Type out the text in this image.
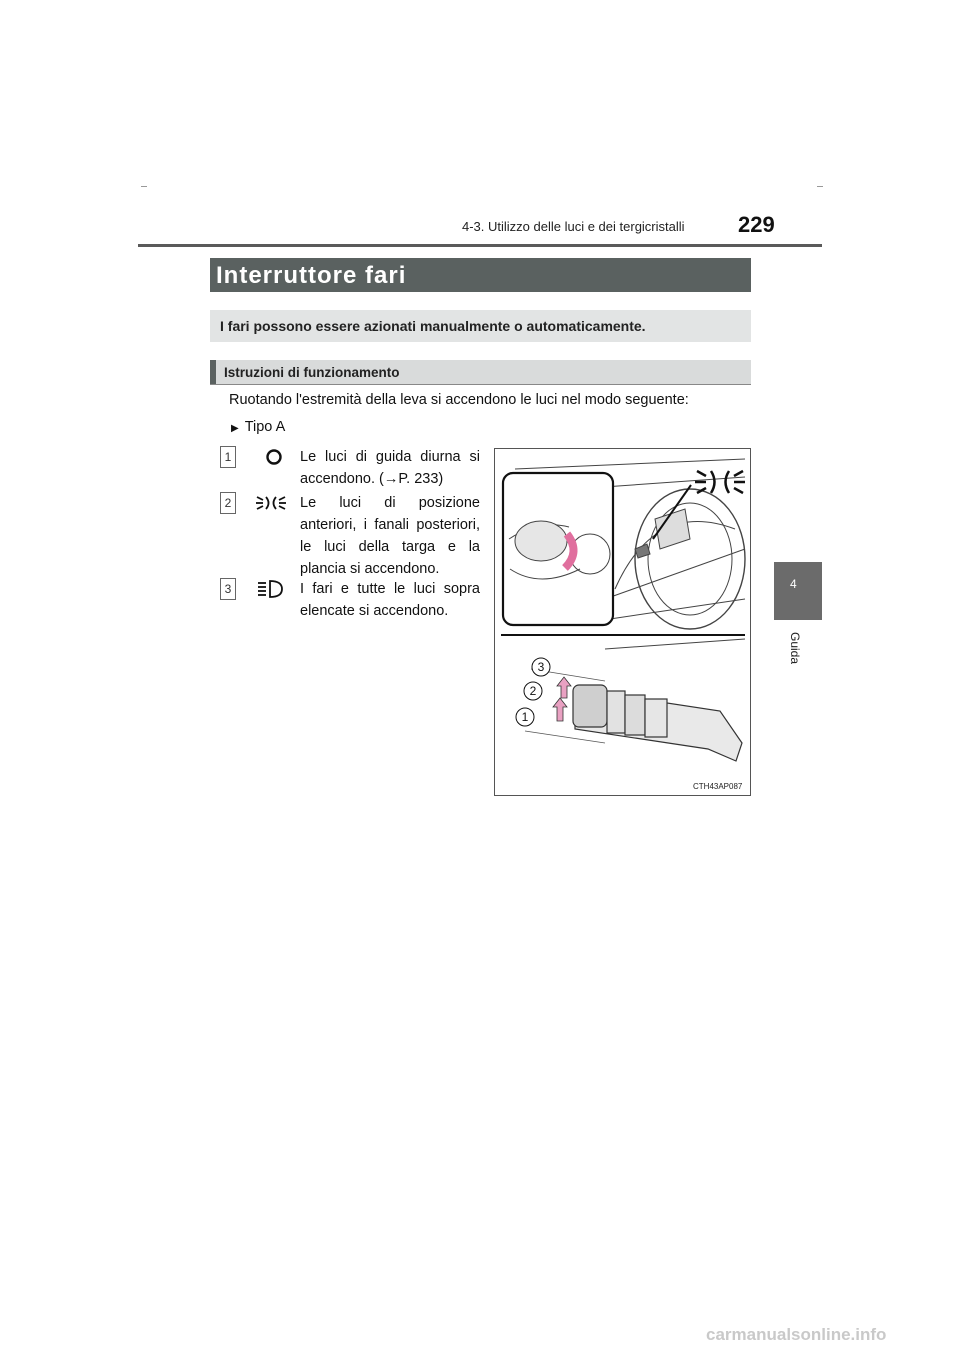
4-3. Utilizzo delle luci e dei tergicristalli 229
4
Guida
Interruttore fari
I fari possono essere azionati manualmente o automaticamente.
Istruzioni di funzionamento
Ruotando l'estremità della leva si accendono le luci nel modo seguente:
▶ Tipo A
1	Le luci di guida diurna si accendono. (→P. 233)
2	Le luci di posizione anteriori, i fanali posteriori, le luci della targa e la plancia si accendono.
3	I fari e tutte le luci sopra elencate si accendono.
3
2
1
CTH43AP087
carmanualsonline.info
